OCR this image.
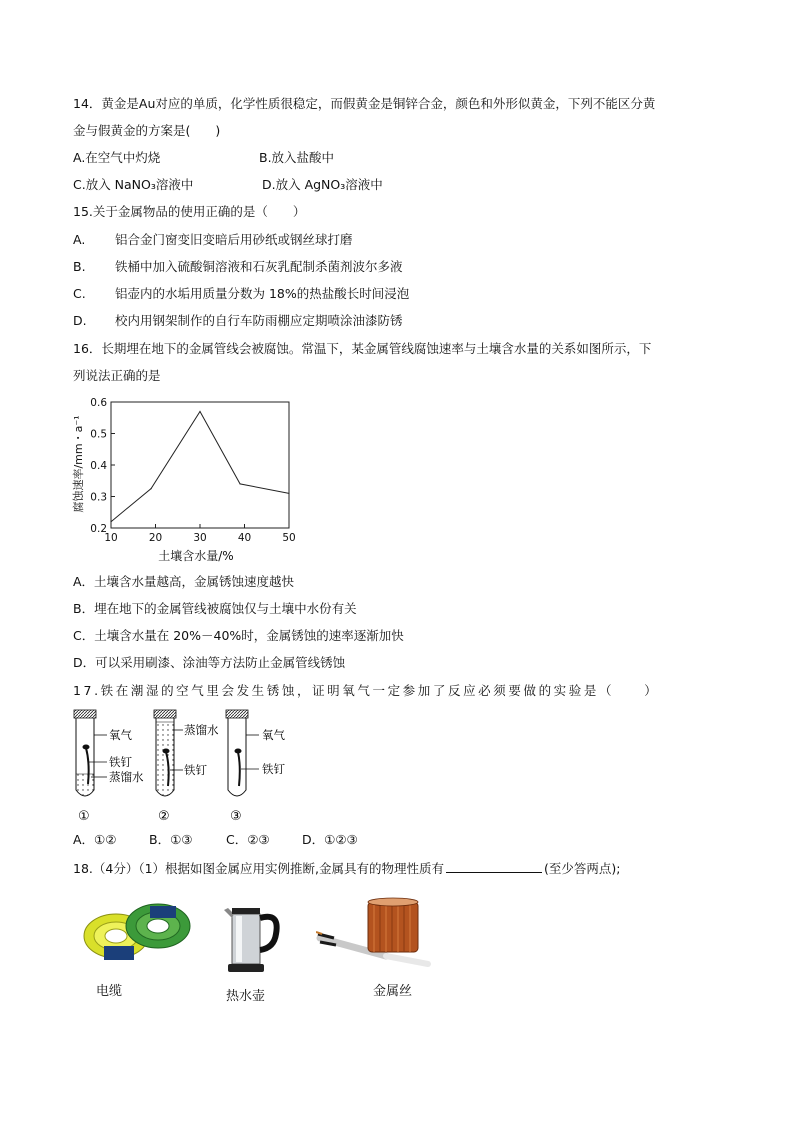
14．黄金是Au对应的单质，化学性质很稳定，而假黄金是铜锌合金，颜色和外形似黄金，下列不能区分黄
金与假黄金的方案是(　　)
A.在空气中灼烧	B.放入盐酸中
C.放入 NaNO₃溶液中	D.放入 AgNO₃溶液中
15.关于金属物品的使用正确的是（　　）
A. 铝合金门窗变旧变暗后用砂纸或钢丝球打磨
B. 铁桶中加入硫酸铜溶液和石灰乳配制杀菌剂波尔多液
C. 铝壶内的水垢用质量分数为 18%的热盐酸长时间浸泡
D. 校内用钢架制作的自行车防雨棚应定期喷涂油漆防锈
16．长期埋在地下的金属管线会被腐蚀。常温下，某金属管线腐蚀速率与土壤含水量的关系如图所示，下
列说法正确的是
10	20	30	40	50
0.2
0.3
0.4
0.5
0.6
土壤含水量/%
腐蚀速率/mm・a⁻¹
A．土壤含水量越高，金属锈蚀速度越快
B．埋在地下的金属管线被腐蚀仅与土壤中水份有关
C．土壤含水量在 20%－40%时，金属锈蚀的速率逐渐加快
D．可以采用刷漆、涂油等方法防止金属管线锈蚀
17.铁在潮湿的空气里会发生锈蚀，证明氧气一定参加了反应必须要做的实验是（　　）
氧气
铁钉
蒸馏水
①
蒸馏水
铁钉
②
氧气
铁钉
③
A．①②	B．①③	C．②③	D．①②③
18.（4分）（1）根据如图金属应用实例推断,金属具有的物理性质有	(至少答两点);
电缆	热水壶	金属丝
